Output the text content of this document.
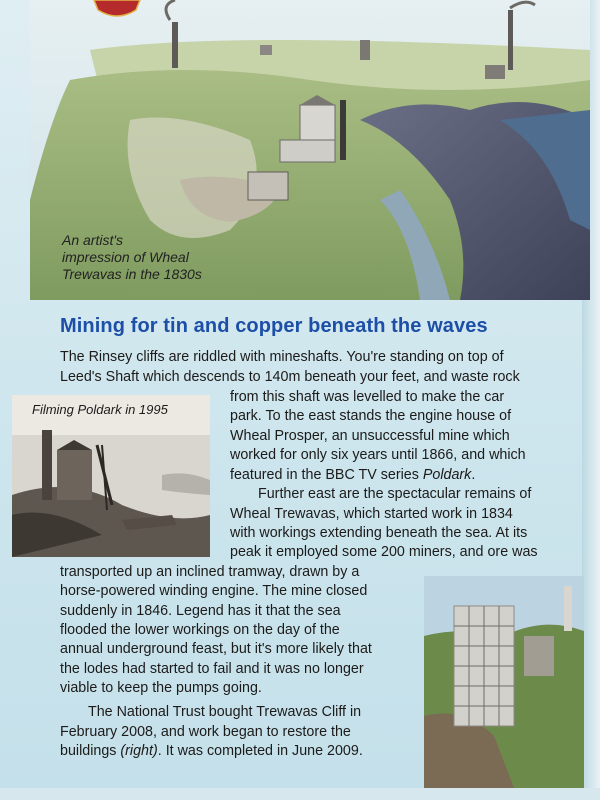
An artist's
impression of Wheal
Trewavas in the 1830s
Mining for tin and copper beneath the waves
Filming Poldark in 1995
The Rinsey cliffs are riddled with mineshafts. You're standing on top of
Leed's Shaft which descends to 140m beneath your feet, and waste rock
from this shaft was levelled to make the car
park. To the east stands the engine house of
Wheal Prosper, an unsuccessful mine which
worked for only six years until 1866, and which
featured in the BBC TV series Poldark.
Further east are the spectacular remains of
Wheal Trewavas, which started work in 1834
with workings extending beneath the sea. At its
peak it employed some 200 miners, and ore was
transported up an inclined tramway, drawn by a
horse-powered winding engine. The mine closed
suddenly in 1846. Legend has it that the sea
flooded the lower workings on the day of the
annual underground feast, but it's more likely that
the lodes had started to fail and it was no longer
viable to keep the pumps going.
The National Trust bought Trewavas Cliff in
February 2008, and work began to restore the
buildings (right). It was completed in June 2009.
